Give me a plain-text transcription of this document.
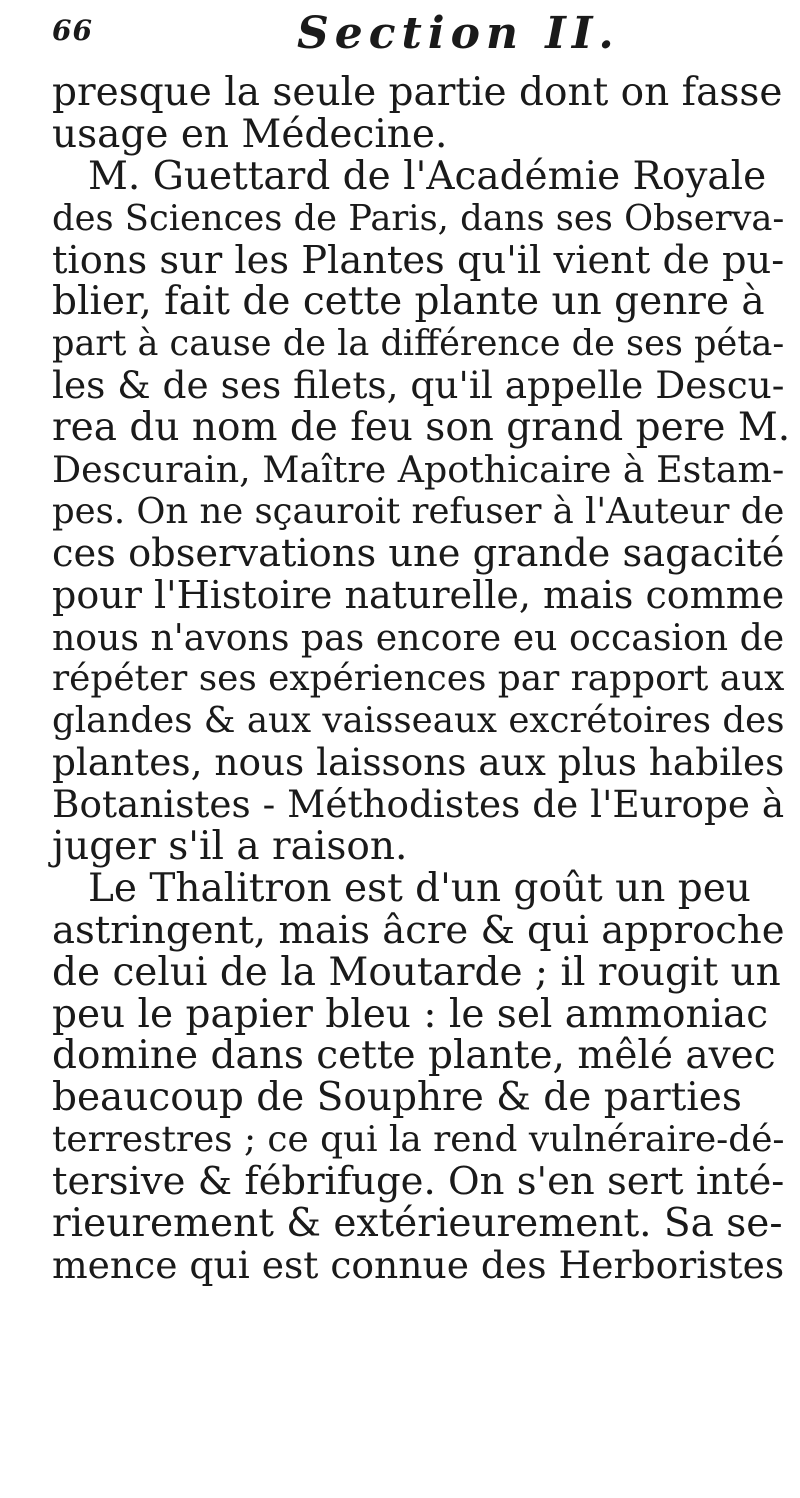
66	Section II.
presque la seule partie dont on fasse
usage en Médecine.
M. Guettard de l'Académie Royale
des Sciences de Paris, dans ses Observa-
tions sur les Plantes qu'il vient de pu-
blier, fait de cette plante un genre à
part à cause de la différence de ses péta-
les & de ses filets, qu'il appelle Descu-
rea du nom de feu son grand pere M.
Descurain, Maître Apothicaire à Estam-
pes. On ne sçauroit refuser à l'Auteur de
ces observations une grande sagacité
pour l'Histoire naturelle, mais comme
nous n'avons pas encore eu occasion de
répéter ses expériences par rapport aux
glandes & aux vaisseaux excrétoires des
plantes, nous laissons aux plus habiles
Botanistes - Méthodistes de l'Europe à
juger s'il a raison.
Le Thalitron est d'un goût un peu
astringent, mais âcre & qui approche
de celui de la Moutarde ; il rougit un
peu le papier bleu : le sel ammoniac
domine dans cette plante, mêlé avec
beaucoup de Souphre & de parties
terrestres ; ce qui la rend vulnéraire-dé-
tersive & fébrifuge. On s'en sert inté-
rieurement & extérieurement. Sa se-
mence qui est connue des Herboristes
